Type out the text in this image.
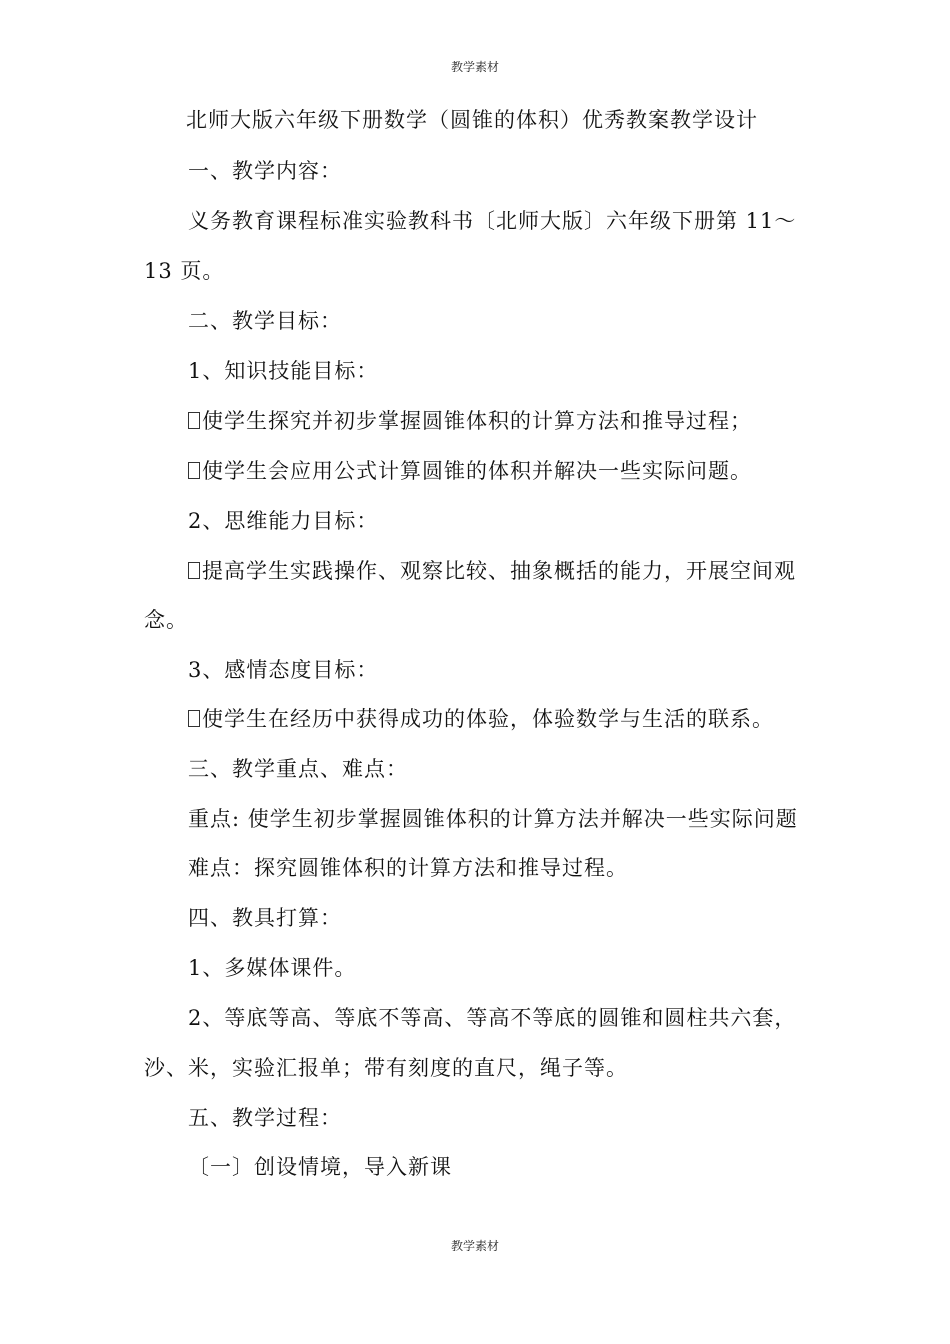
教学素材
北师大版六年级下册数学（圆锥的体积）优秀教案教学设计
一、教学内容：
义务教育课程标准实验教科书〔北师大版〕六年级下册第 11～
13 页。
二、教学目标：
1、知识技能目标：
使学生探究并初步掌握圆锥体积的计算方法和推导过程；
使学生会应用公式计算圆锥的体积并解决一些实际问题。
2、思维能力目标：
提高学生实践操作、观察比较、抽象概括的能力，开展空间观
念。
3、感情态度目标：
使学生在经历中获得成功的体验，体验数学与生活的联系。
三、教学重点、难点：
重点: 使学生初步掌握圆锥体积的计算方法并解决一些实际问题
难点：探究圆锥体积的计算方法和推导过程。
四、教具打算：
1、多媒体课件。
2、等底等高、等底不等高、等高不等底的圆锥和圆柱共六套，
沙、米，实验汇报单；带有刻度的直尺，绳子等。
五、教学过程：
〔一〕创设情境，导入新课
教学素材
